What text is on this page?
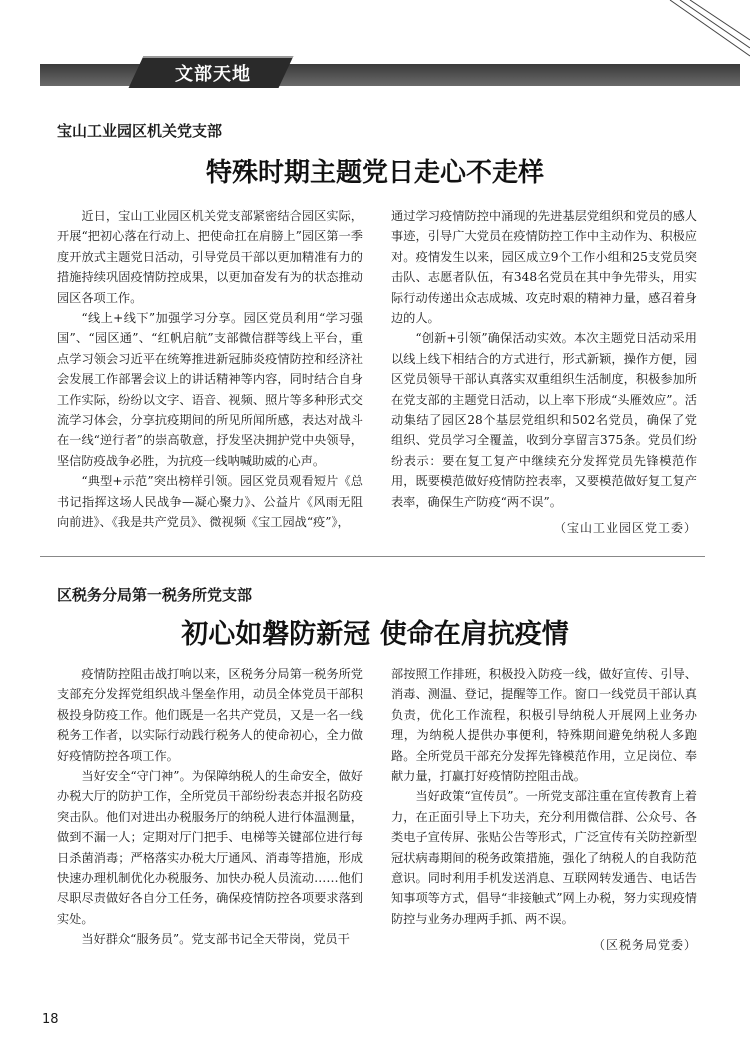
文部天地
宝山工业园区机关党支部
特殊时期主题党日走心不走样

近日，宝山工业园区机关党支部紧密结合园区实际，开展“把初心落在行动上、把使命扛在肩膀上”园区第一季度开放式主题党日活动，引导党员干部以更加精准有力的措施持续巩固疫情防控成果，以更加奋发有为的状态推动园区各项工作。

“线上+线下”加强学习分享。园区党员利用“学习强国”、“园区通”、“红帆启航”支部微信群等线上平台，重点学习领会习近平在统筹推进新冠肺炎疫情防控和经济社会发展工作部署会议上的讲话精神等内容，同时结合自身工作实际，纷纷以文字、语音、视频、照片等多种形式交流学习体会，分享抗疫期间的所见所闻所感，表达对战斗在一线“逆行者”的崇高敬意，抒发坚决拥护党中央领导，坚信防疫战争必胜，为抗疫一线呐喊助威的心声。

“典型+示范”突出榜样引领。园区党员观看短片《总书记指挥这场人民战争—凝心聚力》、公益片《风雨无阻向前进》、《我是共产党员》、微视频《宝工园战“疫”》，

通过学习疫情防控中涌现的先进基层党组织和党员的感人事迹，引导广大党员在疫情防控工作中主动作为、积极应对。疫情发生以来，园区成立9个工作小组和25支党员突击队、志愿者队伍，有348名党员在其中争先带头，用实际行动传递出众志成城、攻克时艰的精神力量，感召着身边的人。

“创新+引领”确保活动实效。本次主题党日活动采用以线上线下相结合的方式进行，形式新颖，操作方便，园区党员领导干部认真落实双重组织生活制度，积极参加所在党支部的主题党日活动，以上率下形成“头雁效应”。活动集结了园区28个基层党组织和502名党员，确保了党组织、党员学习全覆盖，收到分享留言375条。党员们纷纷表示：要在复工复产中继续充分发挥党员先锋模范作用，既要模范做好疫情防控表率，又要模范做好复工复产表率，确保生产防疫“两不误”。

（宝山工业园区党工委）
区税务分局第一税务所党支部
初心如磐防新冠 使命在肩抗疫情

疫情防控阻击战打响以来，区税务分局第一税务所党支部充分发挥党组织战斗堡垒作用，动员全体党员干部积极投身防疫工作。他们既是一名共产党员，又是一名一线税务工作者，以实际行动践行税务人的使命初心，全力做好疫情防控各项工作。

当好安全“守门神”。为保障纳税人的生命安全，做好办税大厅的防护工作，全所党员干部纷纷表态并报名防疫突击队。他们对进出办税服务厅的纳税人进行体温测量，做到不漏一人；定期对厅门把手、电梯等关键部位进行每日杀菌消毒；严格落实办税大厅通风、消毒等措施，形成快速办理机制优化办税服务、加快办税人员流动……他们尽职尽责做好各自分工任务，确保疫情防控各项要求落到实处。

当好群众“服务员”。党支部书记全天带岗，党员干

部按照工作排班，积极投入防疫一线，做好宣传、引导、消毒、测温、登记，提醒等工作。窗口一线党员干部认真负责，优化工作流程，积极引导纳税人开展网上业务办理，为纳税人提供办事便利，特殊期间避免纳税人多跑路。全所党员干部充分发挥先锋模范作用，立足岗位、奉献力量，打赢打好疫情防控阻击战。

当好政策“宣传员”。一所党支部注重在宣传教育上着力，在正面引导上下功夫，充分利用微信群、公众号、各类电子宣传屏、张贴公告等形式，广泛宣传有关防控新型冠状病毒期间的税务政策措施，强化了纳税人的自我防范意识。同时利用手机发送消息、互联网转发通告、电话告知事项等方式，倡导“非接触式”网上办税，努力实现疫情防控与业务办理两手抓、两不误。

（区税务局党委）
18
